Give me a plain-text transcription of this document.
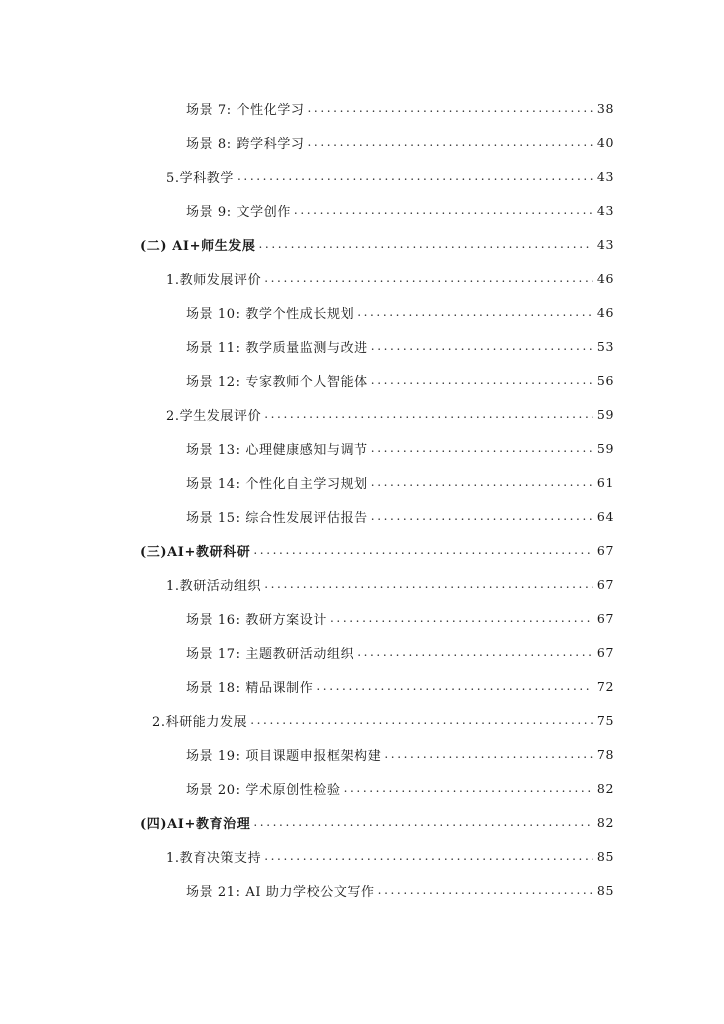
场景 7: 个性化学习 .....	38
场景 8: 跨学科学习 .....	40
5.学科教学 .....	43
场景 9: 文学创作 .....	43
(二) AI+师生发展 .....	43
1.教师发展评价 .....	46
场景 10: 教学个性成长规划 .....	46
场景 11: 教学质量监测与改进 .....	53
场景 12: 专家教师个人智能体 .....	56
2.学生发展评价 .....	59
场景 13: 心理健康感知与调节 .....	59
场景 14: 个性化自主学习规划 .....	61
场景 15: 综合性发展评估报告 .....	64
(三)AI+教研科研 .....	67
1.教研活动组织 .....	67
场景 16: 教研方案设计 .....	67
场景 17: 主题教研活动组织 .....	67
场景 18: 精品课制作 .....	72
2.科研能力发展 .....	75
场景 19: 项目课题申报框架构建 .....	78
场景 20: 学术原创性检验 .....	82
(四)AI+教育治理 .....	82
1.教育决策支持 .....	85
场景 21: AI 助力学校公文写作 .....	85
